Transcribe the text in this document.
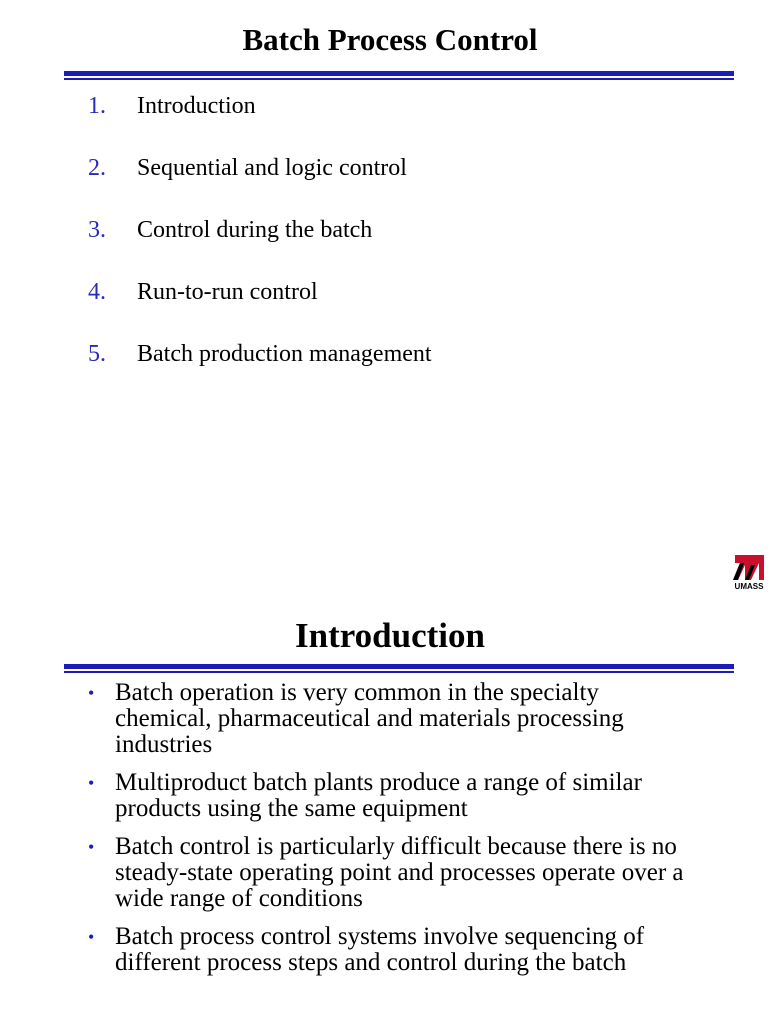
Batch Process Control
1. Introduction
2. Sequential and logic control
3. Control during the batch
4. Run-to-run control
5. Batch production management
UMASS
Introduction
• Batch operation is very common in the specialty chemical, pharmaceutical and materials processing industries
• Multiproduct batch plants produce a range of similar products using the same equipment
• Batch control is particularly difficult because there is no steady-state operating point and processes operate over a wide range of conditions
• Batch process control systems involve sequencing of different process steps and control during the batch
